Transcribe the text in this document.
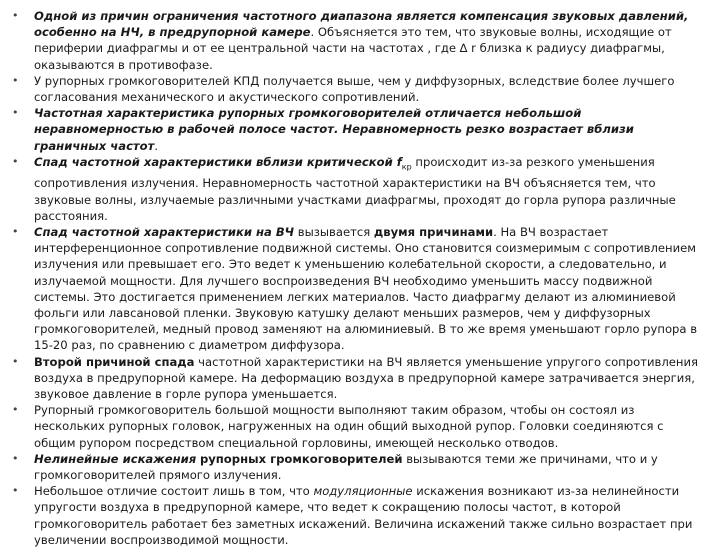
• Одной из причин ограничения частотного диапазона является компенсация звуковых давлений, особенно на НЧ, в предрупорной камере. Объясняется это тем, что звуковые волны, исходящие от периферии диафрагмы и от ее центральной части на частотах , где ∆ r близка к радиусу диафрагмы, оказываются в противофазе.
• У рупорных громкоговорителей КПД получается выше, чем у диффузорных, вследствие более лучшего согласования механического и акустического сопротивлений.
• Частотная характеристика рупорных громкоговорителей отличается небольшой неравномерностью в рабочей полосе частот. Неравномерность резко возрастает вблизи граничных частот.
• Спад частотной характеристики вблизи критической $f_{кр}$ происходит из-за резкого уменьшения сопротивления излучения. Неравномерность частотной характеристики на ВЧ объясняется тем, что звуковые волны, излучаемые различными участками диафрагмы, проходят до горла рупора различные расстояния.
• Спад частотной характеристики на ВЧ вызывается двумя причинами. На ВЧ возрастает интерференционное сопротивление подвижной системы. Оно становится соизмеримым с сопротивлением излучения или превышает его. Это ведет к уменьшению колебательной скорости, а следовательно, и излучаемой мощности. Для лучшего воспроизведения ВЧ необходимо уменьшить массу подвижной системы. Это достигается применением легких материалов. Часто диафрагму делают из алюминиевой фольги или лавсановой пленки. Звуковую катушку делают меньших размеров, чем у диффузорных громкоговорителей, медный провод заменяют на алюминиевый. В то же время уменьшают горло рупора в 15-20 раз, по сравнению с диаметром диффузора.
• Второй причиной спада частотной характеристики на ВЧ является уменьшение упругого сопротивления воздуха в предрупорной камере. На деформацию воздуха в предрупорной камере затрачивается энергия, звуковое давление в горле рупора уменьшается.
• Рупорный громкоговоритель большой мощности выполняют таким образом, чтобы он состоял из нескольких рупорных головок, нагруженных на один общий выходной рупор. Головки соединяются с общим рупором посредством специальной горловины, имеющей несколько отводов.
• Нелинейные искажения рупорных громкоговорителей вызываются теми же причинами, что и у громкоговорителей прямого излучения.
• Небольшое отличие состоит лишь в том, что модуляционные искажения возникают из-за нелинейности упругости воздуха в предрупорной камере, что ведет к сокращению полосы частот, в которой громкоговоритель работает без заметных искажений. Величина искажений также сильно возрастает при увеличении воспроизводимой мощности.
